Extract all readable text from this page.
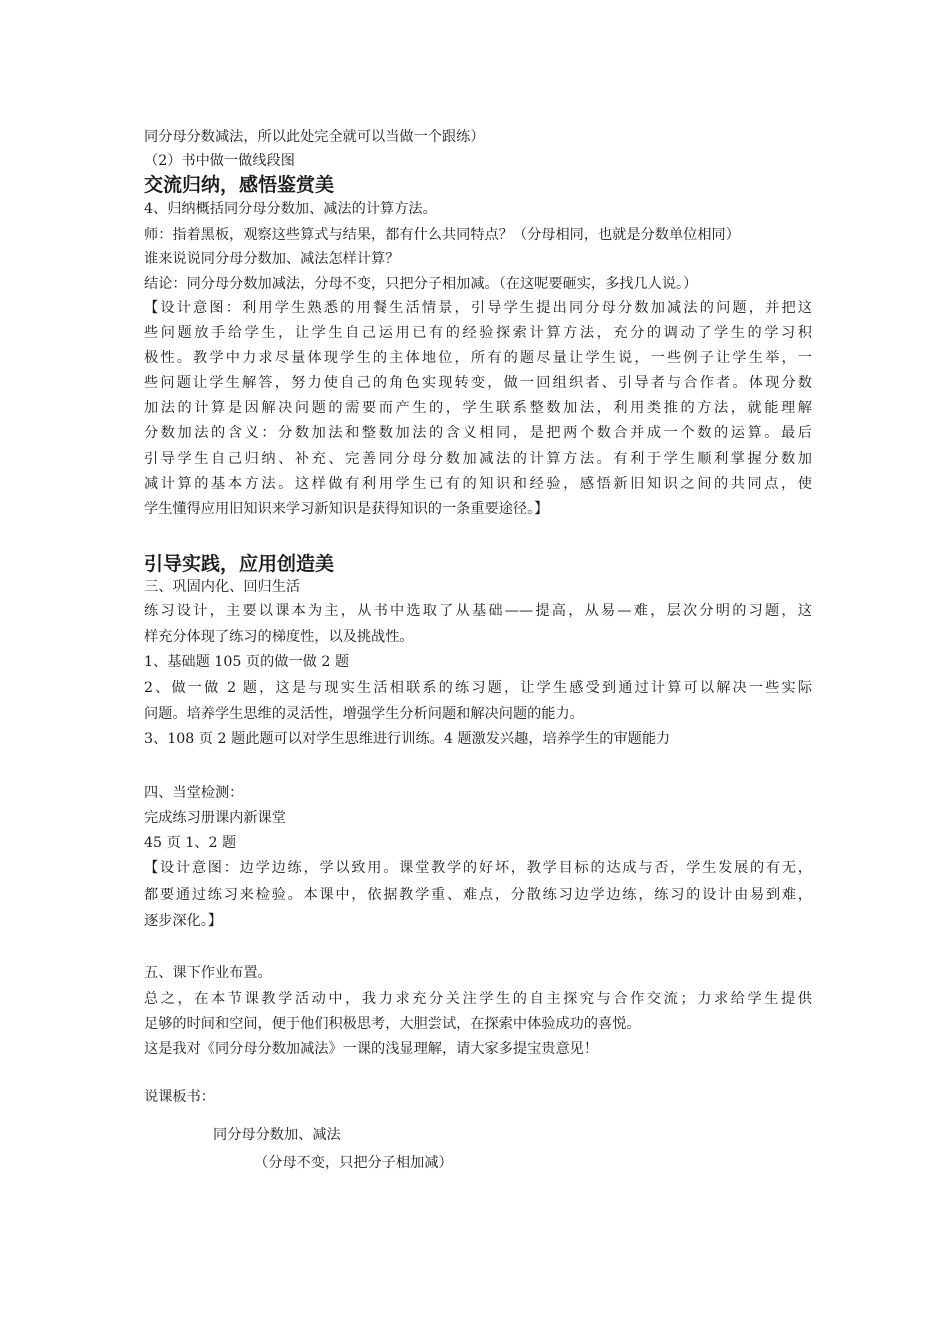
同分母分数减法，所以此处完全就可以当做一个跟练）
（2）书中做一做线段图
交流归纳，感悟鉴赏美
4、归纳概括同分母分数加、减法的计算方法。
师：指着黑板，观察这些算式与结果，都有什么共同特点？（分母相同，也就是分数单位相同）
谁来说说同分母分数加、减法怎样计算？
结论：同分母分数加减法，分母不变，只把分子相加减。（在这呢要砸实，多找几人说。）
【设计意图：利用学生熟悉的用餐生活情景，引导学生提出同分母分数加减法的问题，并把这
些问题放手给学生，让学生自己运用已有的经验探索计算方法，充分的调动了学生的学习积
极性。教学中力求尽量体现学生的主体地位，所有的题尽量让学生说，一些例子让学生举，一
些问题让学生解答，努力使自己的角色实现转变，做一回组织者、引导者与合作者。体现分数
加法的计算是因解决问题的需要而产生的，学生联系整数加法，利用类推的方法，就能理解
分数加法的含义：分数加法和整数加法的含义相同，是把两个数合并成一个数的运算。最后
引导学生自己归纳、补充、完善同分母分数加减法的计算方法。有利于学生顺利掌握分数加
减计算的基本方法。这样做有利用学生已有的知识和经验，感悟新旧知识之间的共同点，使
学生懂得应用旧知识来学习新知识是获得知识的一条重要途径。】
引导实践，应用创造美
三、巩固内化、回归生活
练习设计，主要以课本为主，从书中选取了从基础——提高，从易—难，层次分明的习题，这
样充分体现了练习的梯度性，以及挑战性。
1、基础题 105 页的做一做 2 题
2、做一做 2 题，这是与现实生活相联系的练习题，让学生感受到通过计算可以解决一些实际
问题。培养学生思维的灵活性，增强学生分析问题和解决问题的能力。
3、108 页 2 题此题可以对学生思维进行训练。4 题激发兴趣，培养学生的审题能力
四、当堂检测：
完成练习册课内新课堂
45 页 1、2 题
【设计意图：边学边练，学以致用。课堂教学的好坏，教学目标的达成与否，学生发展的有无，
都要通过练习来检验。本课中，依据教学重、难点，分散练习边学边练，练习的设计由易到难，
逐步深化。】
五、课下作业布置。
总之，在本节课教学活动中，我力求充分关注学生的自主探究与合作交流；力求给学生提供
足够的时间和空间，便于他们积极思考，大胆尝试，在探索中体验成功的喜悦。
这是我对《同分母分数加减法》一课的浅显理解，请大家多提宝贵意见！
说课板书：
同分母分数加、减法
（分母不变，只把分子相加减）
